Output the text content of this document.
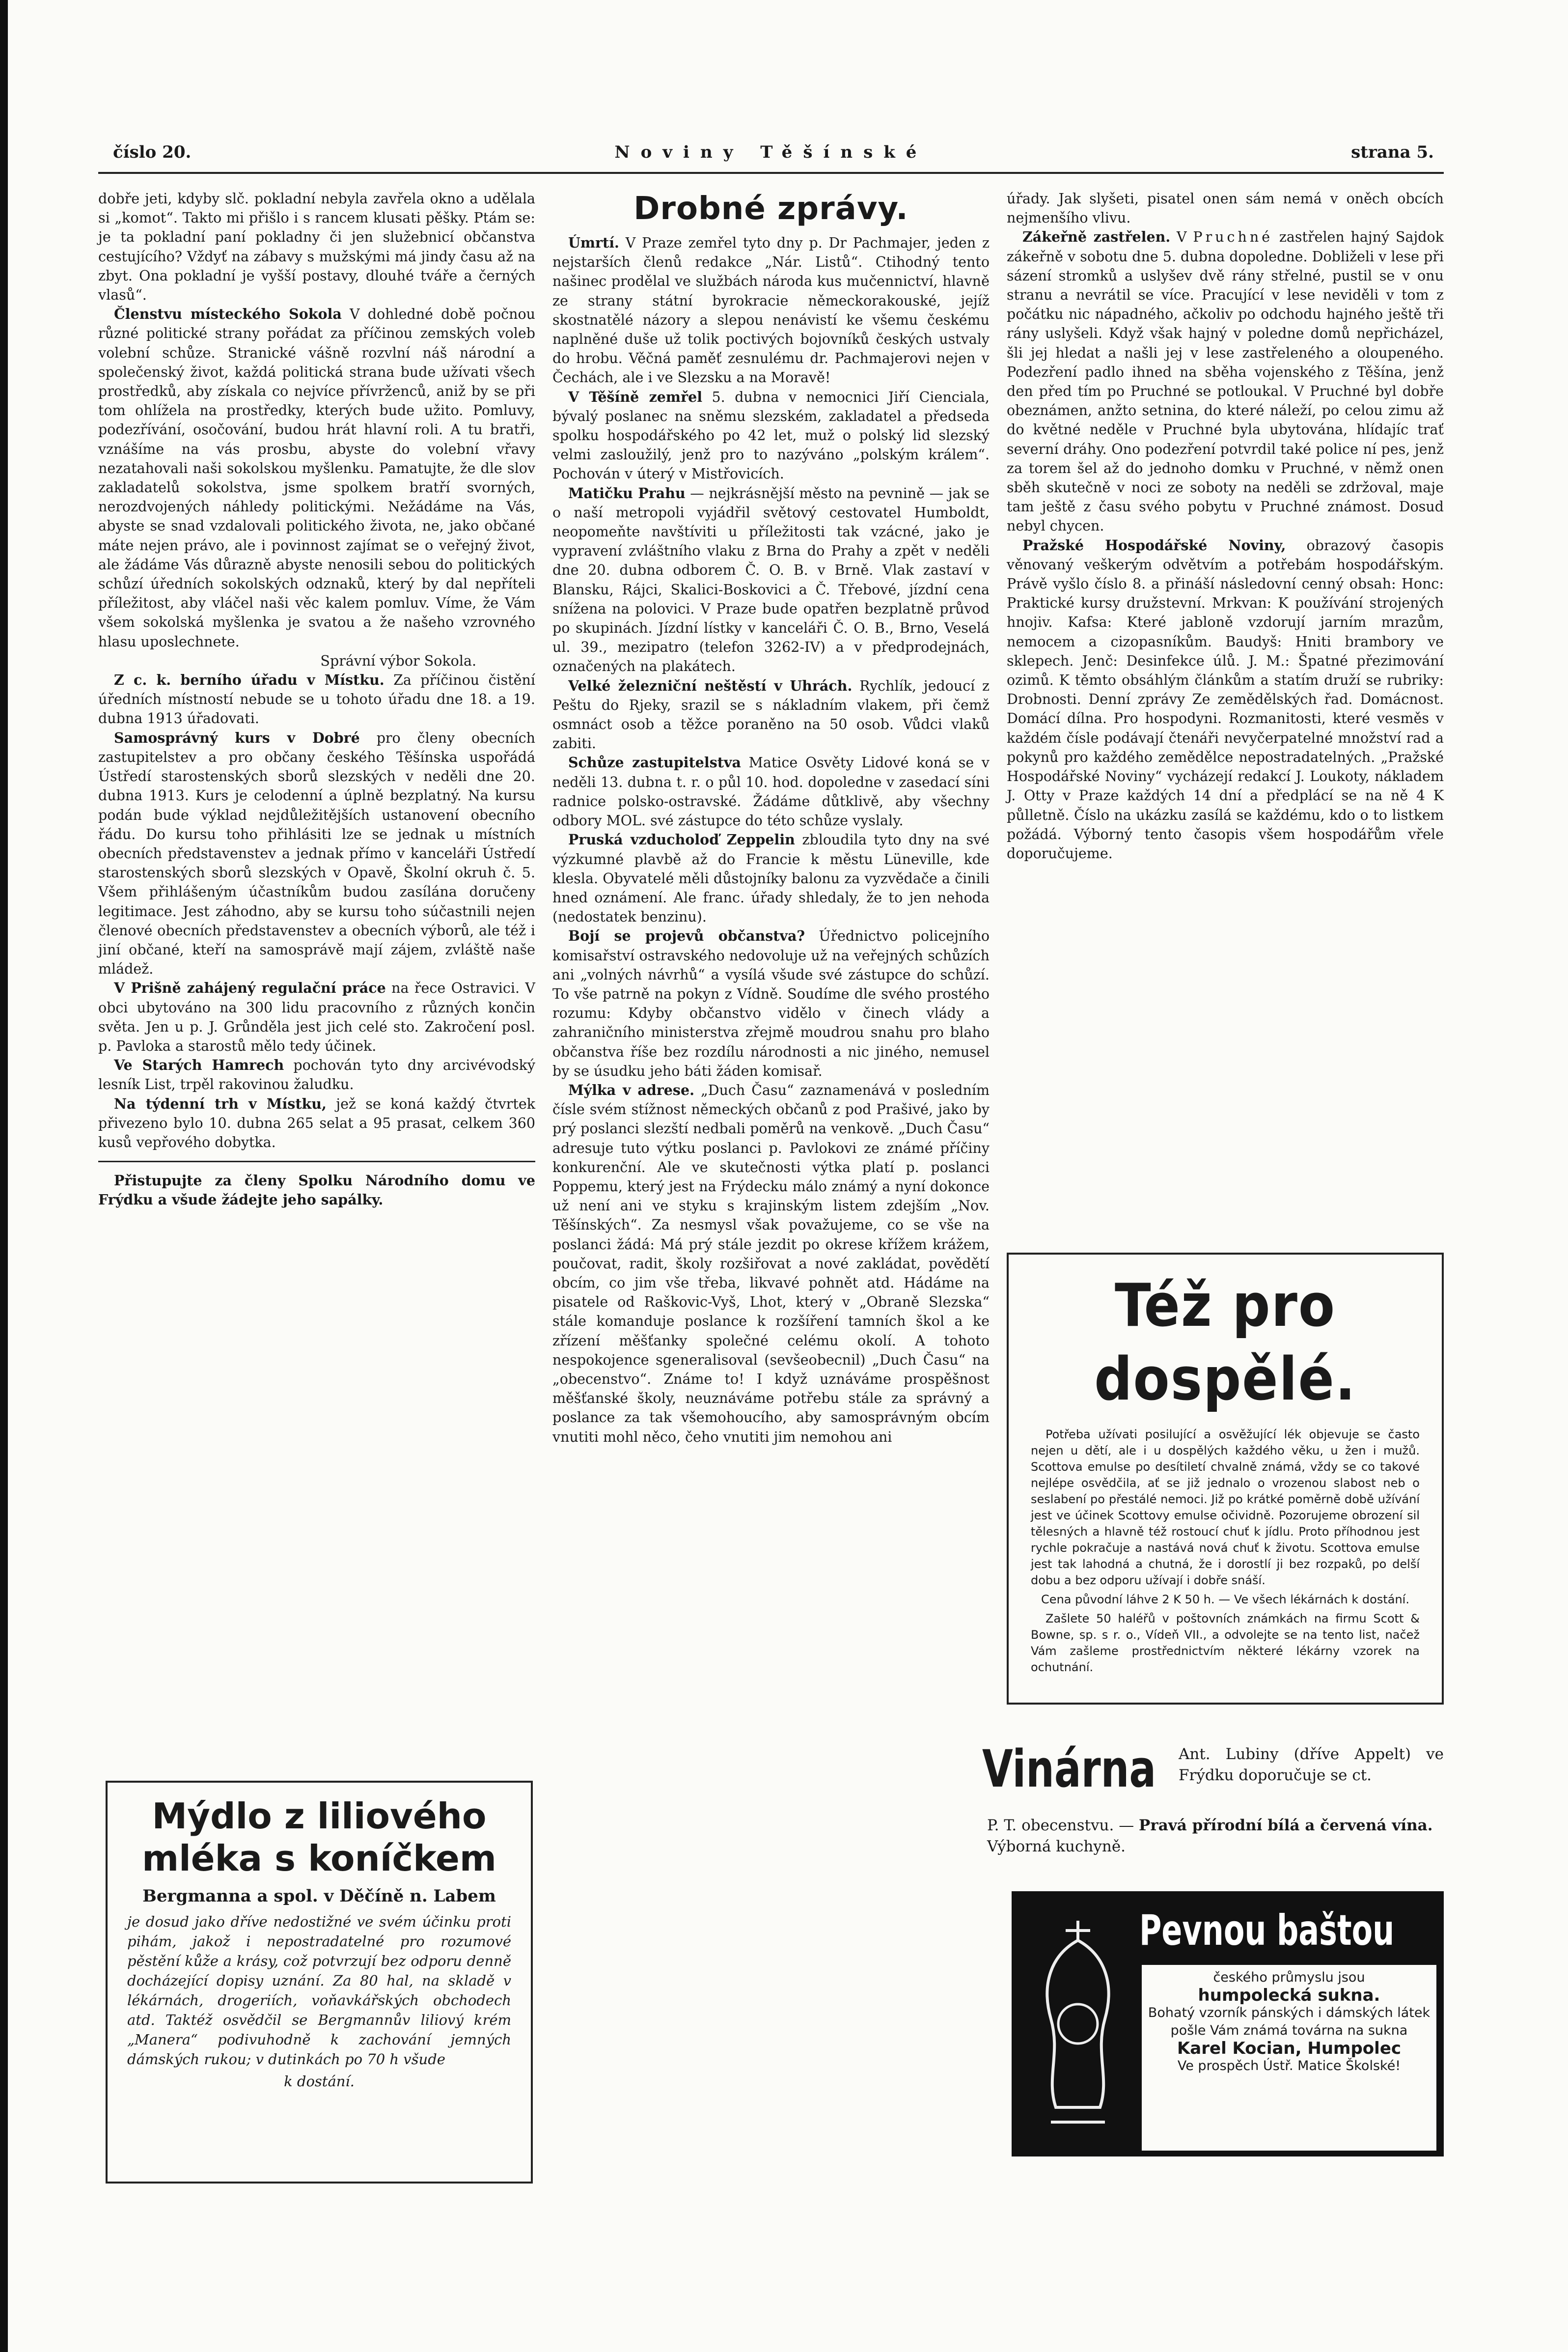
číslo 20.	Noviny Těšínské	strana 5.

dobře jeti, kdyby slč. pokladní nebyla zavřela okno a udělala si „komot“. Takto mi přišlo i s rancem klusati pěšky. Ptám se: je ta pokladní paní pokladny či jen služebnicí občanstva cestujícího? Vždyť na zábavy s mužskými má jindy času až na zbyt. Ona pokladní je vyšší postavy, dlouhé tváře a černých vlasů“.

Členstvu místeckého Sokola V dohledné době počnou různé politické strany pořádat za příčinou zemských voleb volební schůze. Stranické vášně rozvlní náš národní a společenský život, každá politická strana bude užívati všech prostředků, aby získala co nejvíce přívrženců, aniž by se při tom ohlížela na prostředky, kterých bude užito. Pomluvy, podezřívání, osočování, budou hrát hlavní roli. A tu bratři, vznášíme na vás prosbu, abyste do volební vřavy nezatahovali naši sokolskou myšlenku. Pamatujte, že dle slov zakladatelů sokolstva, jsme spolkem bratří svorných, nerozdvojených náhledy politickými. Nežádáme na Vás, abyste se snad vzdalovali politického života, ne, jako občané máte nejen právo, ale i povinnost zajímat se o veřejný život, ale žádáme Vás důrazně abyste nenosili sebou do politických schůzí úředních sokolských odznaků, který by dal nepříteli příležitost, aby vláčel naši věc kalem pomluv. Víme, že Vám všem sokolská myšlenka je svatou a že našeho vzrovného hlasu uposlechnete.

Správní výbor Sokola.

Z c. k. berního úřadu v Místku. Za příčinou čistění úředních místností nebude se u tohoto úřadu dne 18. a 19. dubna 1913 úřadovati.

Samosprávný kurs v Dobré pro členy obecních zastupitelstev a pro občany českého Těšínska uspořádá Ústředí starostenských sborů slezských v neděli dne 20. dubna 1913. Kurs je celodenní a úplně bezplatný. Na kursu podán bude výklad nejdůležitějších ustanovení obecního řádu. Do kursu toho přihlásiti lze se jednak u místních obecních představenstev a jednak přímo v kanceláři Ústředí starostenských sborů slezských v Opavě, Školní okruh č. 5. Všem přihlášeným účastníkům budou zasílána doručeny legitimace. Jest záhodno, aby se kursu toho súčastnili nejen členové obecních představenstev a obecních výborů, ale též i jiní občané, kteří na samosprávě mají zájem, zvláště naše mládež.

V Prišně zahájený regulační práce na řece Ostravici. V obci ubytováno na 300 lidu pracovního z různých končin světa. Jen u p. J. Grůnděla jest jich celé sto. Zakročení posl. p. Pavloka a starostů mělo tedy účinek.

Ve Starých Hamrech pochován tyto dny arcivévodský lesník List, trpěl rakovinou žaludku.

Na týdenní trh v Místku, jež se koná každý čtvrtek přivezeno bylo 10. dubna 265 selat a 95 prasat, celkem 360 kusů vepřového dobytka.

Přistupujte za členy Spolku Národního domu ve Frýdku a všude žádejte jeho sapálky.

Mýdlo z liliového mléka s koníčkem
Bergmanna a spol. v Děčíně n. Labem
je dosud jako dříve nedostižné ve svém účinku proti pihám, jakož i nepostradatelné pro rozumové pěstění kůže a krásy, což potvrzují bez odporu denně docházející dopisy uznání. Za 80 hal, na skladě v lékárnách, drogeriích, voňavkářských obchodech atd. Taktéž osvědčil se Bergmannův liliový krém „Manera“ podivuhodně k zachování jemných dámských rukou; v dutinkách po 70 h všude
k dostání.
Drobné zprávy.

Úmrtí. V Praze zemřel tyto dny p. Dr Pachmajer, jeden z nejstarších členů redakce „Nár. Listů“. Ctihodný tento našinec prodělal ve službách národa kus mučennictví, hlavně ze strany státní byrokracie německorakouské, jejíž skostnatělé názory a slepou nenávistí ke všemu českému naplněné duše už tolik poctivých bojovníků českých ustvaly do hrobu. Věčná paměť zesnulému dr. Pachmajerovi nejen v Čechách, ale i ve Slezsku a na Moravě!

V Těšíně zemřel 5. dubna v nemocnici Jiří Cienciala, bývalý poslanec na sněmu slezském, zakladatel a předseda spolku hospodářského po 42 let, muž o polský lid slezský velmi zasloužilý, jenž pro to nazýváno „polským králem“. Pochován v úterý v Mistřovicích.

Matičku Prahu — nejkrásnější město na pevnině — jak se o naší metropoli vyjádřil světový cestovatel Humboldt, neopomeňte navštíviti u příležitosti tak vzácné, jako je vypravení zvláštního vlaku z Brna do Prahy a zpět v neděli dne 20. dubna odborem Č. O. B. v Brně. Vlak zastaví v Blansku, Rájci, Skalici-Boskovici a Č. Třebové, jízdní cena snížena na polovici. V Praze bude opatřen bezplatně průvod po skupinách. Jízdní lístky v kanceláři Č. O. B., Brno, Veselá ul. 39., mezipatro (telefon 3262-IV) a v předprodejnách, označených na plakátech.

Velké železniční neštěstí v Uhrách. Rychlík, jedoucí z Peštu do Rjeky, srazil se s nákladním vlakem, při čemž osmnáct osob a těžce poraněno na 50 osob. Vůdci vlaků zabiti.

Schůze zastupitelstva Matice Osvěty Lidové koná se v neděli 13. dubna t. r. o půl 10. hod. dopoledne v zasedací síni radnice polsko-ostravské. Žádáme důtklivě, aby všechny odbory MOL. své zástupce do této schůze vyslaly.

Pruská vzducholoď Zeppelin zbloudila tyto dny na své výzkumné plavbě až do Francie k městu Lüneville, kde klesla. Obyvatelé měli důstojníky balonu za vyzvědače a činili hned oznámení. Ale franc. úřady shledaly, že to jen nehoda (nedostatek benzinu).

Bojí se projevů občanstva? Úřednictvo policejního komisařství ostravského nedovoluje už na veřejných schůzích ani „volných návrhů“ a vysílá všude své zástupce do schůzí. To vše patrně na pokyn z Vídně. Soudíme dle svého prostého rozumu: Kdyby občanstvo vidělo v činech vlády a zahraničního ministerstva zřejmě moudrou snahu pro blaho občanstva říše bez rozdílu národnosti a nic jiného, nemusel by se úsudku jeho báti žáden komisař.

Mýlka v adrese. „Duch Času“ zaznamenává v posledním čísle svém stížnost německých občanů z pod Prašivé, jako by prý poslanci slezští nedbali poměrů na venkově. „Duch Času“ adresuje tuto výtku poslanci p. Pavlokovi ze známé příčiny konkurenční. Ale ve skutečnosti výtka platí p. poslanci Poppemu, který jest na Frýdecku málo známý a nyní dokonce už není ani ve styku s krajinským listem zdejším „Nov. Těšínských“. Za nesmysl však považujeme, co se vše na poslanci žádá: Má prý stále jezdit po okrese křížem krážem, poučovat, radit, školy rozšiřovat a nové zakládat, povědětí obcím, co jim vše třeba, likvavé pohnět atd. Hádáme na pisatele od Raškovic-Vyš, Lhot, který v „Obraně Slezska“ stále komanduje poslance k rozšíření tamních škol a ke zřízení měšťanky společné celému okolí. A tohoto nespokojence sgeneralisoval (sevšeobecnil) „Duch Času“ na „obecenstvo“. Známe to! I když uznáváme prospěšnost měšťanské školy, neuznáváme potřebu stále za správný a poslance za tak všemohoucího, aby samosprávným obcím vnutiti mohl něco, čeho vnutiti jim nemohou ani

úřady. Jak slyšeti, pisatel onen sám nemá v oněch obcích nejmenšího vlivu.

Zákeřně zastřelen. V Pruchné zastřelen hajný Sajdok zákeřně v sobotu dne 5. dubna dopoledne. Dobliželi v lese při sázení stromků a uslyšev dvě rány střelné, pustil se v onu stranu a nevrátil se více. Pracující v lese neviděli v tom z počátku nic nápadného, ačkoliv po odchodu hajného ještě tři rány uslyšeli. Když však hajný v poledne domů nepřicházel, šli jej hledat a našli jej v lese zastřeleného a oloupeného. Podezření padlo ihned na sběha vojenského z Těšína, jenž den před tím po Pruchné se potloukal. V Pruchné byl dobře obeznámen, anžto setnina, do které náleží, po celou zimu až do květné neděle v Pruchné byla ubytována, hlídajíc trať severní dráhy. Ono podezření potvrdil také police ní pes, jenž za torem šel až do jednoho domku v Pruchné, v němž onen sběh skutečně v noci ze soboty na neděli se zdržoval, maje tam ještě z času svého pobytu v Pruchné známost. Dosud nebyl chycen.

Pražské Hospodářské Noviny, obrazový časopis věnovaný veškerým odvětvím a potřebám hospodářským. Právě vyšlo číslo 8. a přináší následovní cenný obsah: Honc: Praktické kursy družstevní. Mrkvan: K používání strojených hnojiv. Kafsa: Které jabloně vzdorují jarním mrazům, nemocem a cizopasníkům. Baudyš: Hniti brambory ve sklepech. Jenč: Desinfekce úlů. J. M.: Špatné přezimování ozimů. K těmto obsáhlým článkům a statím druží se rubriky: Drobnosti. Denní zprávy Ze zemědělských řad. Domácnost. Domácí dílna. Pro hospodyni. Rozmanitosti, které vesměs v každém čísle podávají čtenáři nevyčerpatelné množství rad a pokynů pro každého zemědělce nepostradatelných. „Pražské Hospodářské Noviny“ vycházejí redakcí J. Loukoty, nákladem J. Otty v Praze každých 14 dní a předplácí se na ně 4 K půlletně. Číslo na ukázku zasílá se každému, kdo o to listkem požádá. Výborný tento časopis všem hospodářům vřele doporučujeme.

Též pro dospělé.

Potřeba užívati posilující a osvěžující lék objevuje se často nejen u dětí, ale i u dospělých každého věku, u žen i mužů. Scottova emulse po desítiletí chvalně známá, vždy se co takové nejlépe osvědčila, ať se již jednalo o vrozenou slabost neb o seslabení po přestálé nemoci. Již po krátké poměrně době užívání jest ve účinek Scottovy emulse očividně. Pozorujeme obrození sil tělesných a hlavně též rostoucí chuť k jídlu. Proto příhodnou jest rychle pokračuje a nastává nová chuť k životu. Scottova emulse jest tak lahodná a chutná, že i dorostlí ji bez rozpaků, po delší dobu a bez odporu užívají i dobře snáší.

Cena původní láhve 2 K 50 h. — Ve všech lékárnách k dostání.

Zašlete 50 haléřů v poštovních známkách na firmu Scott & Bowne, sp. s r. o., Vídeň VII., a odvolejte se na tento list, načež Vám zašleme prostřednictvím některé lékárny vzorek na ochutnání.

Vinárna Ant. Lubiny (dříve Appelt) ve Frýdku doporučuje se ct.
P. T. obecenstvu. — Pravá přírodní bílá a červená vína. Výborná kuchyně.
Pevnou baštou
českého průmyslu jsou
humpolecká sukna.
Bohatý vzorník pánských i dámských látek pošle Vám známá továrna na sukna
Karel Kocian, Humpolec
Ve prospěch Ústř. Matice Školské!
